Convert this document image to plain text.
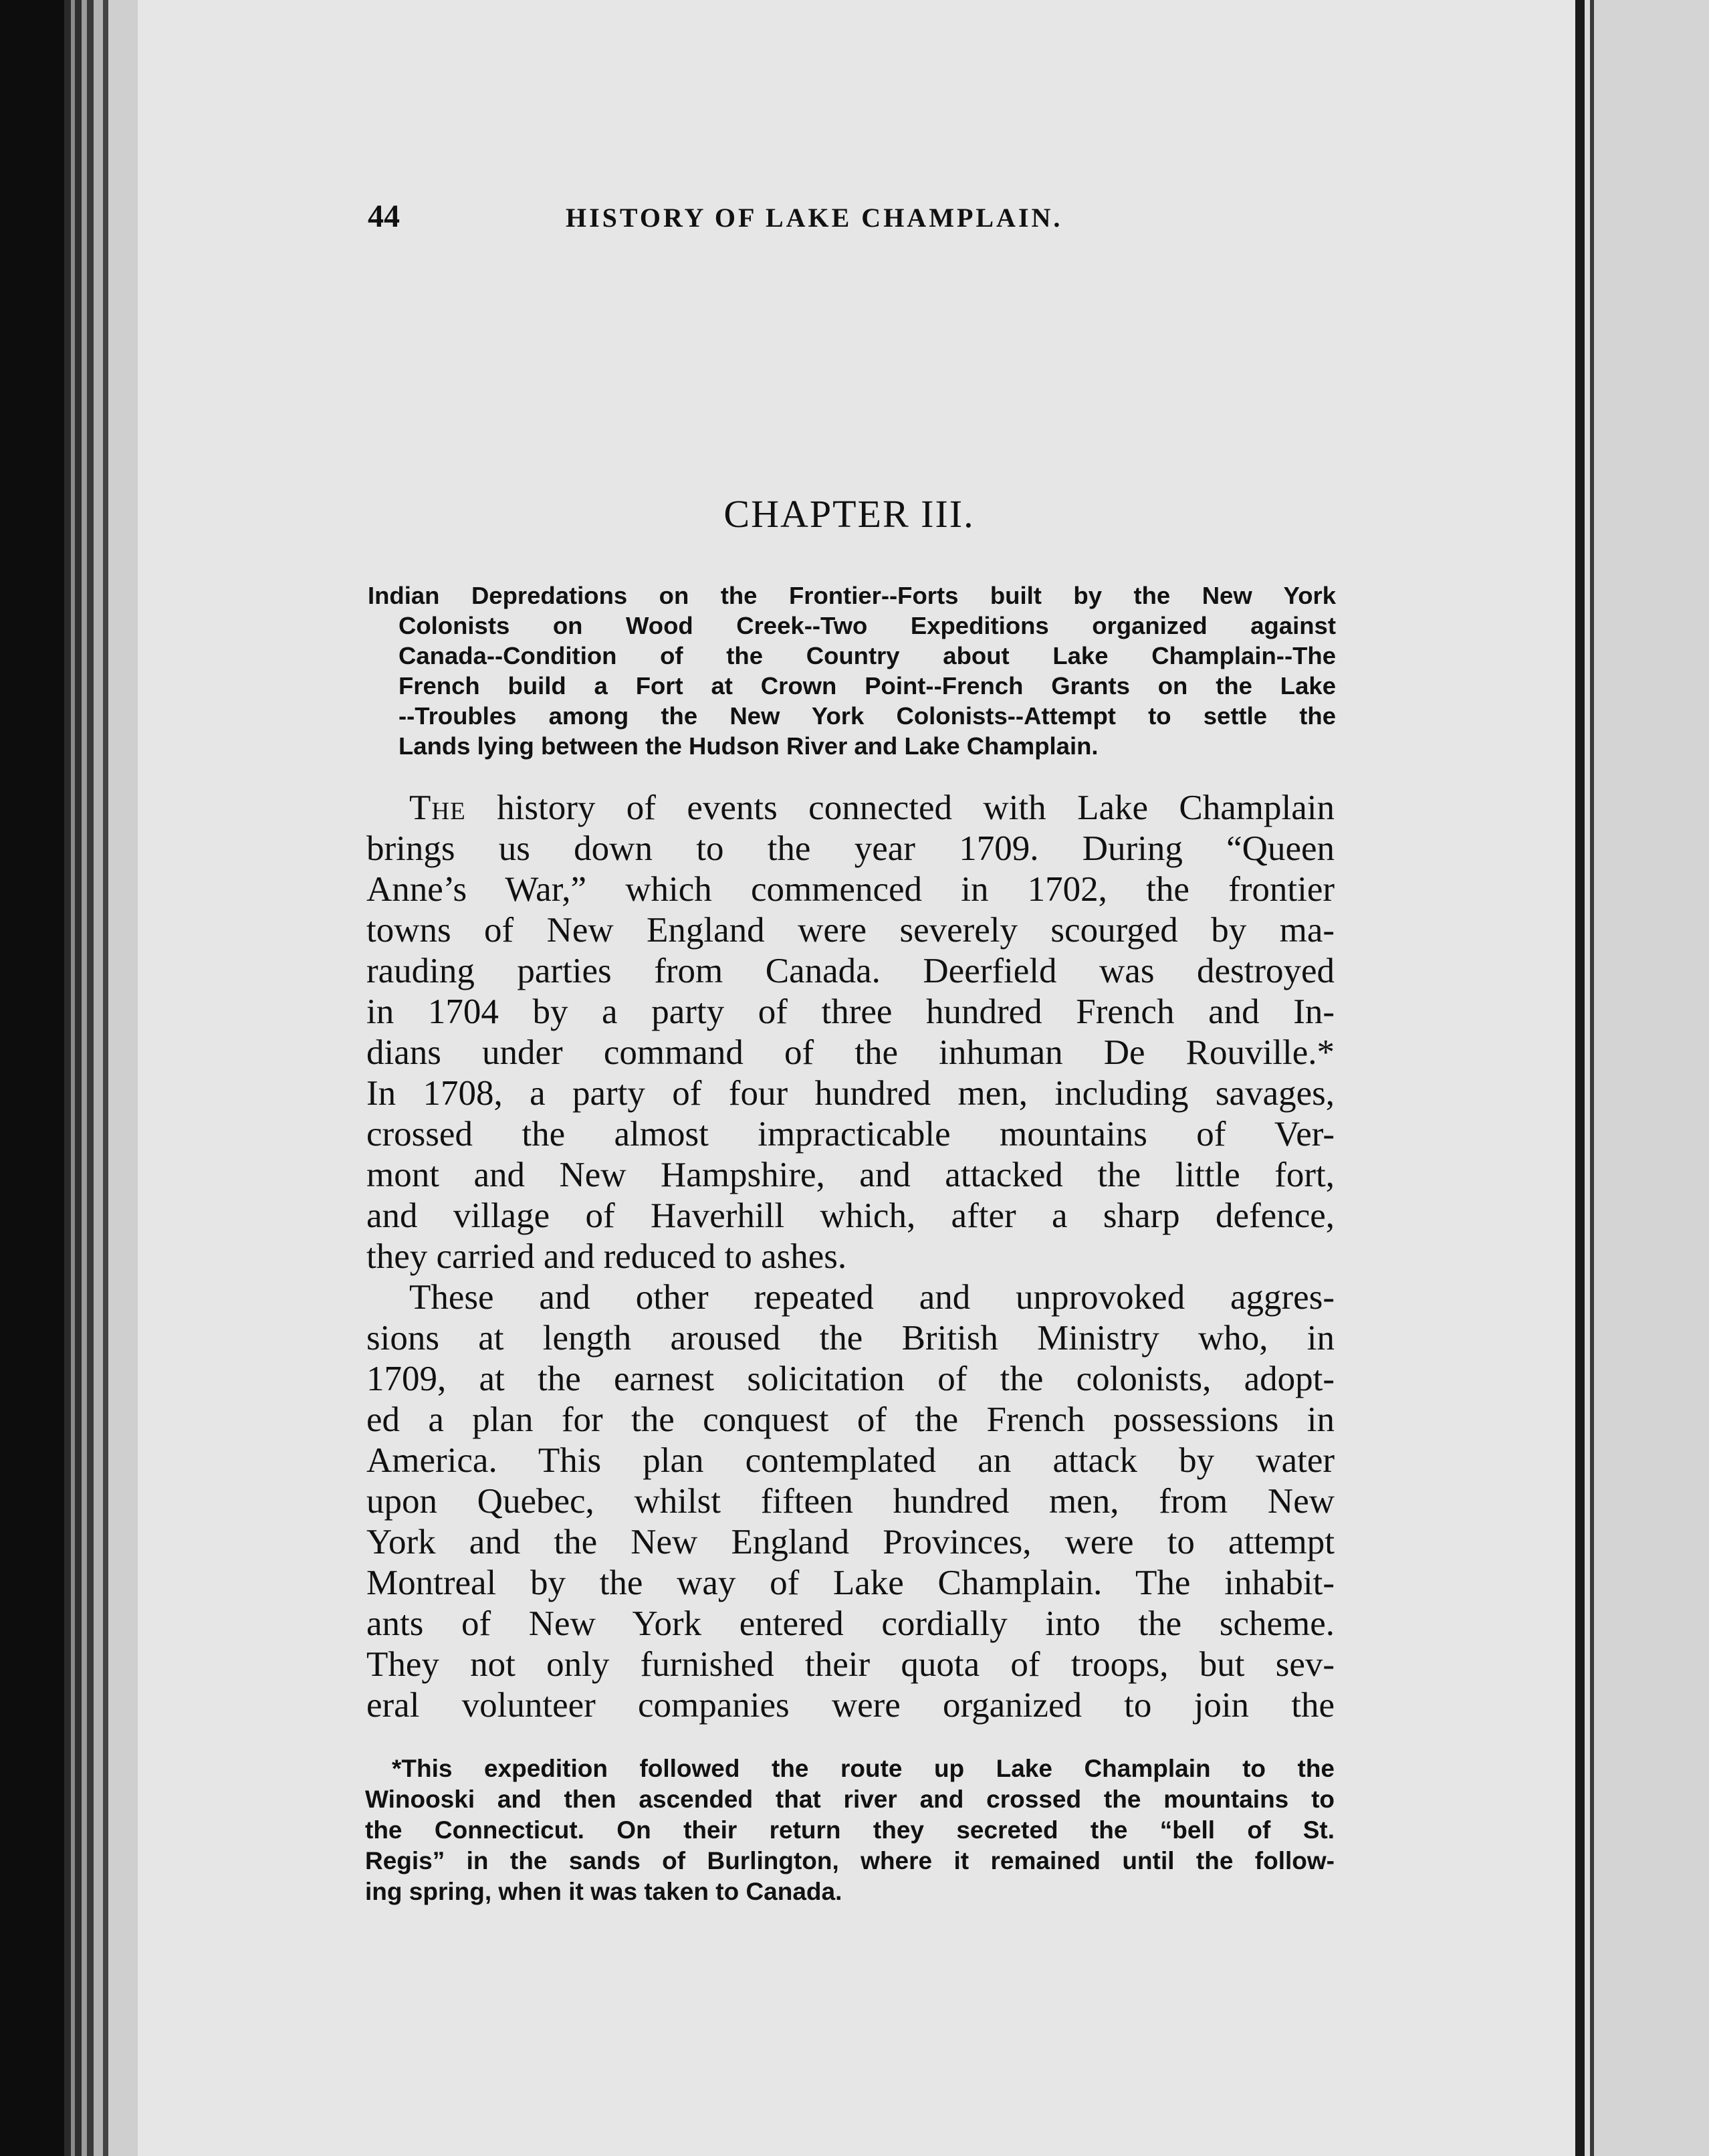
44	HISTORY OF LAKE CHAMPLAIN.
CHAPTER III.
Indian Depredations on the Frontier--Forts built by the New York
Colonists on Wood Creek--Two Expeditions organized against
Canada--Condition of the Country about Lake Champlain--The
French build a Fort at Crown Point--French Grants on the Lake
--Troubles among the New York Colonists--Attempt to settle the
Lands lying between the Hudson River and Lake Champlain.
The history of events connected with Lake Champlain
brings us down to the year 1709. During “Queen
Anne’s War,” which commenced in 1702, the frontier
towns of New England were severely scourged by ma-
rauding parties from Canada. Deerfield was destroyed
in 1704 by a party of three hundred French and In-
dians under command of the inhuman De Rouville.*
In 1708, a party of four hundred men, including savages,
crossed the almost impracticable mountains of Ver-
mont and New Hampshire, and attacked the little fort,
and village of Haverhill which, after a sharp defence,
they carried and reduced to ashes.
These and other repeated and unprovoked aggres-
sions at length aroused the British Ministry who, in
1709, at the earnest solicitation of the colonists, adopt-
ed a plan for the conquest of the French possessions in
America. This plan contemplated an attack by water
upon Quebec, whilst fifteen hundred men, from New
York and the New England Provinces, were to attempt
Montreal by the way of Lake Champlain. The inhabit-
ants of New York entered cordially into the scheme.
They not only furnished their quota of troops, but sev-
eral volunteer companies were organized to join the
*This expedition followed the route up Lake Champlain to the
Winooski and then ascended that river and crossed the mountains to
the Connecticut. On their return they secreted the “bell of St.
Regis” in the sands of Burlington, where it remained until the follow-
ing spring, when it was taken to Canada.
